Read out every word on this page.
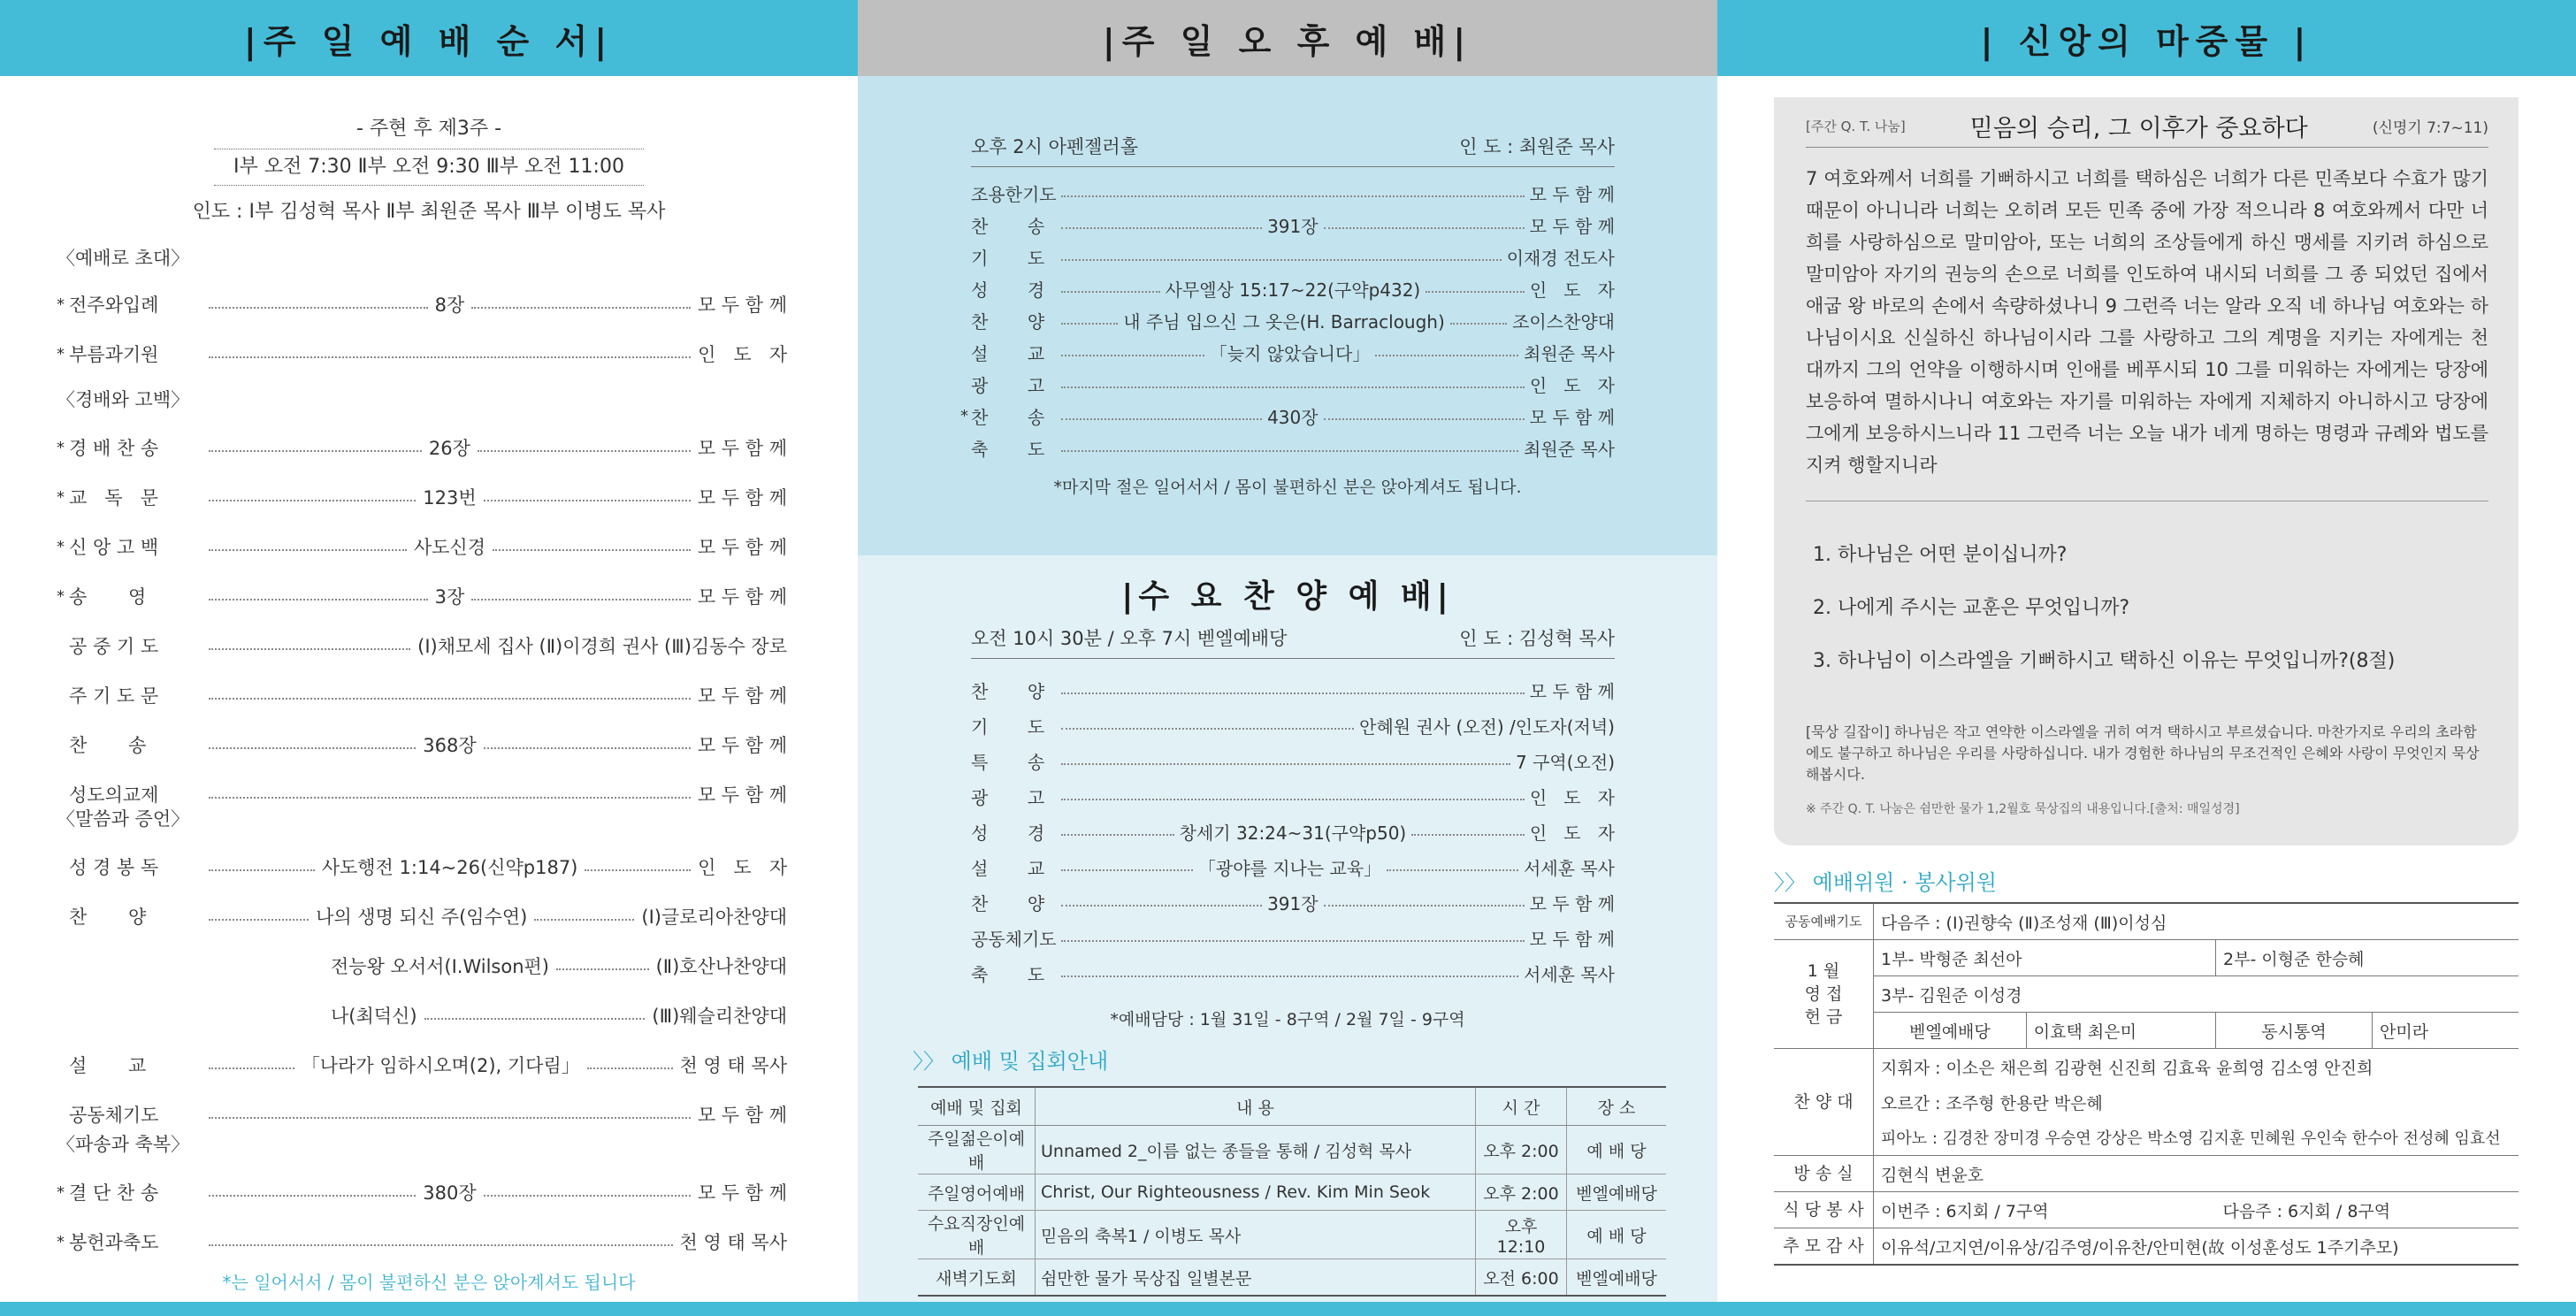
|주 일 예 배 순 서|
- 주현 후 제3주 -
Ⅰ부 오전 7:30 Ⅱ부 오전 9:30 Ⅲ부 오전 11:00
인도 : Ⅰ부 김성혁 목사 Ⅱ부 최원준 목사 Ⅲ부 이병도 목사
〈예배로 초대〉
* 전주와입례	8장	모 두 함 께
* 부름과기원	인   도   자
* 경 배 찬 송	26장	모 두 함 께
* 교   독   문	123번	모 두 함 께
* 신 앙 고 백	사도신경	모 두 함 께
* 송       영	3장	모 두 함 께
공 중 기 도	(Ⅰ)채모세 집사 (Ⅱ)이경희 권사 (Ⅲ)김동수 장로
주 기 도 문	모 두 함 께
찬       송	368장	모 두 함 께
성도의교제	모 두 함 께
성 경 봉 독	사도행전 1:14~26(신약p187)	인   도   자
찬       양	나의 생명 되신 주(임수연)	(Ⅰ)글로리아찬양대
전능왕 오서서(I.Wilson편)	(Ⅱ)호산나찬양대
나(최덕신)	(Ⅲ)웨슬리찬양대
설       교	「나라가 임하시오며(2), 기다림」	천 영 태 목사
공동체기도	모 두 함 께
* 결 단 찬 송	380장	모 두 함 께
* 봉헌과축도	천 영 태 목사
〈경배와 고백〉
〈말씀과 증언〉
〈파송과 축복〉
*는 일어서서 / 몸이 불편하신 분은 앉아계셔도 됩니다
|주 일 오 후 예 배|
오후 2시 아펜젤러홀	인 도 : 최원준 목사
조용한기도	모 두 함 께
찬       송	391장	모 두 함 께
기       도	이재경 전도사
성       경	사무엘상 15:17~22(구약p432)	인   도   자
찬       양	내 주님 입으신 그 옷은(H. Barraclough)	조이스찬양대
설       교	「늦지 않았습니다」	최원준 목사
광       고	인   도   자
* 찬       송	430장	모 두 함 께
축       도	최원준 목사
*마지막 절은 일어서서 / 몸이 불편하신 분은 앉아계셔도 됩니다.
|수 요 찬 양 예 배|
오전 10시 30분 / 오후 7시 벧엘예배당	인 도 : 김성혁 목사
찬       양	모 두 함 께
기       도	안혜원 권사 (오전) /인도자(저녁)
특       송	7 구역(오전)
광       고	인   도   자
성       경	창세기 32:24~31(구약p50)	인   도   자
설       교	「광야를 지나는 교육」	서세훈 목사
찬       양	391장	모 두 함 께
공동체기도	모 두 함 께
축       도	서세훈 목사
*예배담당 : 1월 31일 - 8구역 / 2월 7일 - 9구역
〉〉 예배 및 집회안내
예배 및 집회	내 용	시 간	장 소
주일젊은이예배	Unnamed 2_이름 없는 종들을 통해 / 김성혁 목사	오후 2:00	예 배 당
주일영어예배	Christ, Our Righteousness / Rev. Kim Min Seok	오후 2:00	벧엘예배당
수요직장인예배	믿음의 축복1 / 이병도 목사	오후 12:10	예 배 당
새벽기도회	쉼만한 물가 묵상집 일별본문	오전 6:00	벧엘예배당
| 신앙의 마중물 |
[주간 Q. T. 나눔]	믿음의 승리, 그 이후가 중요하다	(신명기 7:7~11)
7 여호와께서 너희를 기뻐하시고 너희를 택하심은 너희가 다른 민족보다 수효가 많기 때문이 아니니라 너희는 오히려 모든 민족 중에 가장 적으니라 8 여호와께서 다만 너희를 사랑하심으로 말미암아, 또는 너희의 조상들에게 하신 맹세를 지키려 하심으로 말미암아 자기의 권능의 손으로 너희를 인도하여 내시되 너희를 그 종 되었던 집에서 애굽 왕 바로의 손에서 속량하셨나니 9 그런즉 너는 알라 오직 네 하나님 여호와는 하나님이시요 신실하신 하나님이시라 그를 사랑하고 그의 계명을 지키는 자에게는 천 대까지 그의 언약을 이행하시며 인애를 베푸시되 10 그를 미워하는 자에게는 당장에 보응하여 멸하시나니 여호와는 자기를 미워하는 자에게 지체하지 아니하시고 당장에 그에게 보응하시느니라 11 그런즉 너는 오늘 내가 네게 명하는 명령과 규례와 법도를 지켜 행할지니라
1. 하나님은 어떤 분이십니까?
2. 나에게 주시는 교훈은 무엇입니까?
3. 하나님이 이스라엘을 기뻐하시고 택하신 이유는 무엇입니까?(8절)
[묵상 길잡이] 하나님은 작고 연약한 이스라엘을 귀히 여겨 택하시고 부르셨습니다. 마찬가지로 우리의 초라함에도 불구하고 하나님은 우리를 사랑하십니다. 내가 경험한 하나님의 무조건적인 은혜와 사랑이 무엇인지 묵상해봅시다.
※ 주간 Q. T. 나눔은 쉼만한 물가 1,2월호 묵상집의 내용입니다.[출처: 매일성경]
〉〉 예배위원 · 봉사위원
공동예배기도	다음주 : (Ⅰ)권향숙 (Ⅱ)조성재 (Ⅲ)이성심			
1 월
영 접
헌 금	1부- 박형준 최선아		2부- 이형준 한승혜	
	3부- 김원준 이성경			
	벧엘예배당	이효택 최은미	동시통역	안미라
찬 양 대	지휘자 : 이소은 채은희 김광현 신진희 김효육 윤희영 김소영 안진희			
	오르간 : 조주형 한용란 박은혜			
	피아노 : 김경찬 장미경 우승연 강상은 박소영 김지훈 민혜원 우인숙 한수아 전성혜 임효선			
방 송 실	김현식 변윤호			
식 당 봉 사	이번주 : 6지회 / 7구역		다음주 : 6지회 / 8구역	
추 모 감 사	이유석/고지연/이유상/김주영/이유찬/안미현(故 이성훈성도 1주기추모)			
